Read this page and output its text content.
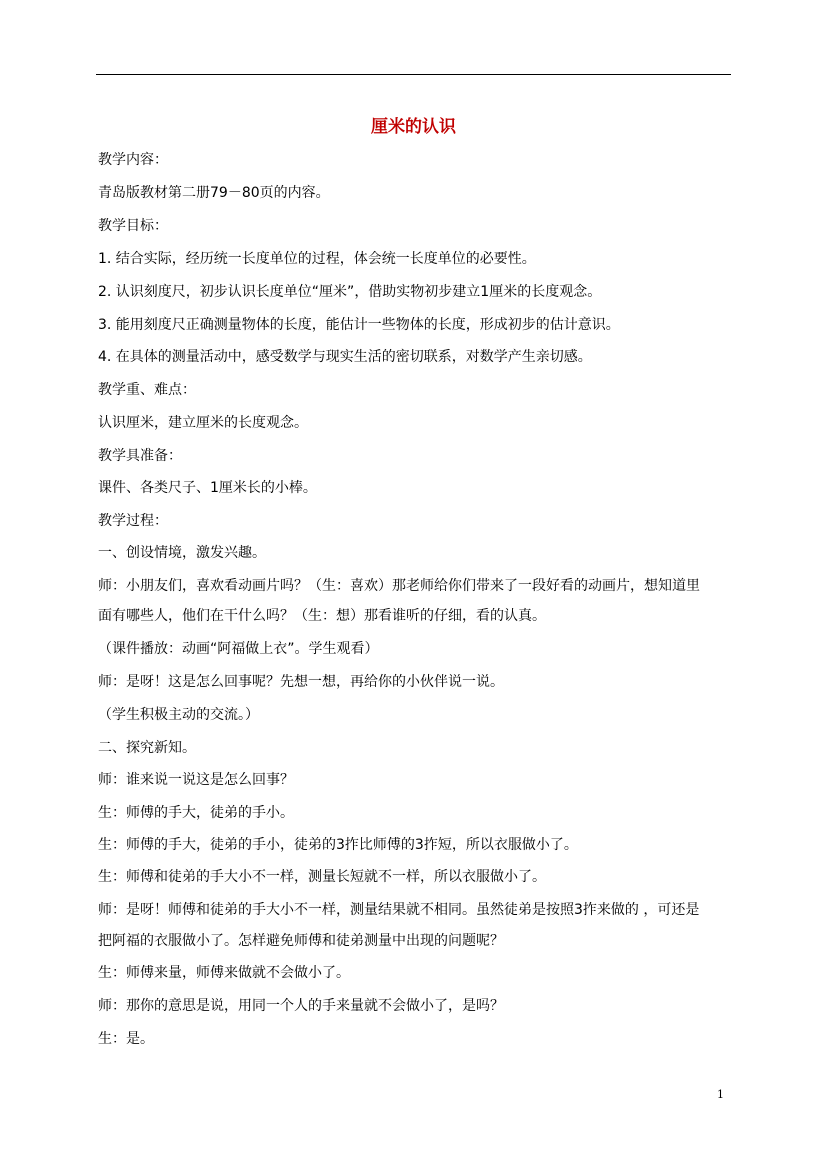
厘米的认识
教学内容：
青岛版教材第二册79－80页的内容。
教学目标：
1. 结合实际，经历统一长度单位的过程，体会统一长度单位的必要性。
2. 认识刻度尺，初步认识长度单位“厘米”，借助实物初步建立1厘米的长度观念。
3. 能用刻度尺正确测量物体的长度，能估计一些物体的长度，形成初步的估计意识。
4. 在具体的测量活动中，感受数学与现实生活的密切联系，对数学产生亲切感。
教学重、难点：
认识厘米，建立厘米的长度观念。
教学具准备：
课件、各类尺子、1厘米长的小棒。
教学过程：
一、创设情境，激发兴趣。
师：小朋友们，喜欢看动画片吗？（生：喜欢）那老师给你们带来了一段好看的动画片，想知道里
面有哪些人，他们在干什么吗？（生：想）那看谁听的仔细，看的认真。
（课件播放：动画“阿福做上衣”。学生观看）
师：是呀！这是怎么回事呢？先想一想，再给你的小伙伴说一说。
（学生积极主动的交流。）
二、探究新知。
师：谁来说一说这是怎么回事？
生：师傅的手大，徒弟的手小。
生：师傅的手大，徒弟的手小，徒弟的3拃比师傅的3拃短，所以衣服做小了。
生：师傅和徒弟的手大小不一样，测量长短就不一样，所以衣服做小了。
师：是呀！师傅和徒弟的手大小不一样，测量结果就不相同。虽然徒弟是按照3拃来做的 ，可还是
把阿福的衣服做小了。怎样避免师傅和徒弟测量中出现的问题呢？
生：师傅来量，师傅来做就不会做小了。
师：那你的意思是说，用同一个人的手来量就不会做小了，是吗？
生：是。
1
